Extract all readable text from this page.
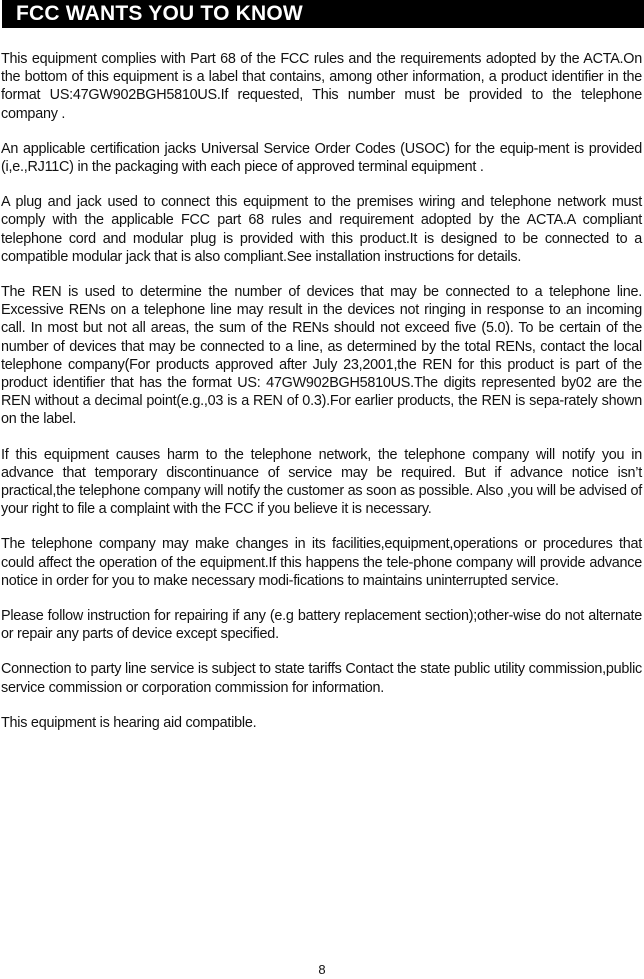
FCC WANTS YOU TO KNOW

This equipment complies with Part 68 of the FCC rules and the requirements adopted by the ACTA.On the bottom of this equipment is a label that contains, among other information, a product identifier in the format US:47GW902BGH5810US.If requested, This number must be provided to the telephone company .

An applicable certification jacks Universal Service Order Codes (USOC) for the equip-ment is provided (i,e.,RJ11C) in the packaging with each piece of approved terminal equipment .

A plug and jack used to connect this equipment to the premises wiring and telephone network must comply with the applicable FCC part 68 rules and requirement adopted by the ACTA.A compliant telephone cord and modular plug is provided with this product.It is designed to be connected to a compatible modular jack that is also compliant.See installation instructions for details.

The REN is used to determine the number of devices that may be connected to a telephone line. Excessive RENs on a telephone line may result in the devices not ringing in response to an incoming call. In most but not all areas, the sum of the RENs should not exceed five (5.0). To be certain of the number of devices that may be connected to a line, as determined by the total RENs, contact the local telephone company(For products approved after July 23,2001,the REN for this product is part of the product identifier that has the format US: 47GW902BGH5810US.The digits represented by02 are the REN without a decimal point(e.g.,03 is a REN of 0.3).For earlier products, the REN is sepa-rately shown on the label.

If this equipment causes harm to the telephone network, the telephone company will notify you in advance that temporary discontinuance of service may be required. But if advance notice isn’t practical,the telephone company will notify the customer as soon as possible. Also ,you will be advised of your right to file a complaint with the FCC if you believe it is necessary.

The telephone company may make changes in its facilities,equipment,operations or procedures that could affect the operation of the equipment.If this happens the tele-phone company will provide advance notice in order for you to make necessary modi-fications to maintains uninterrupted service.

Please follow instruction for repairing if any (e.g battery replacement section);other-wise do not alternate or repair any parts of device except specified.

Connection to party line service is subject to state tariffs Contact the state public utility commission,public service commission or corporation commission for information.

This equipment is hearing aid compatible.

8
